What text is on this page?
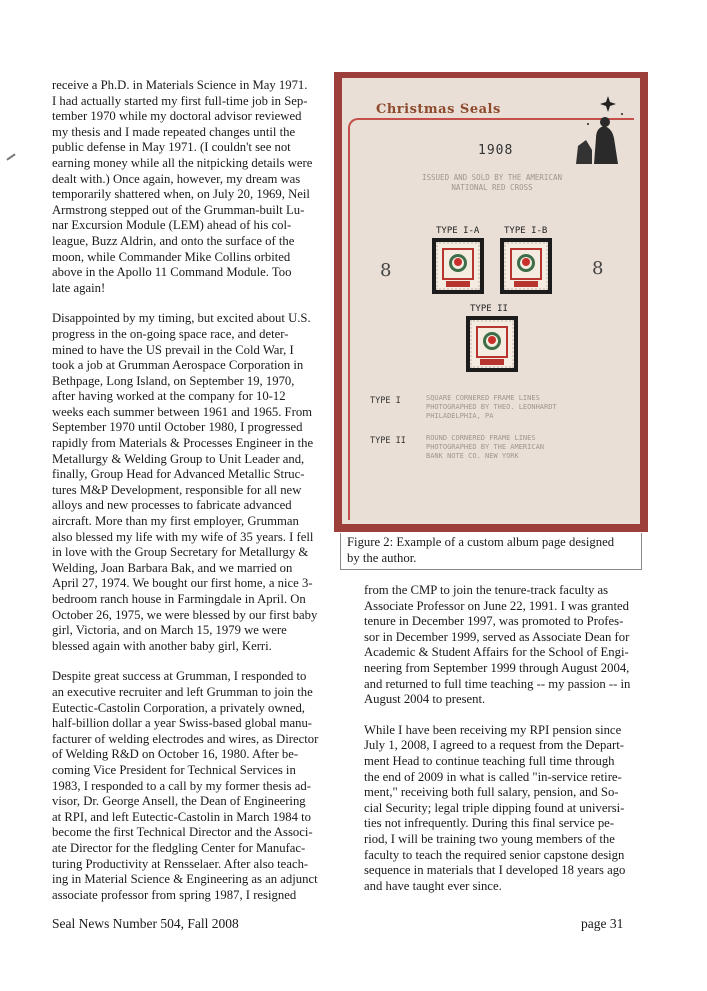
receive a Ph.D. in Materials Science in May 1971.
I had actually started my first full-time job in Sep-
tember 1970 while my doctoral advisor reviewed
my thesis and I made repeated changes until the
public defense in May 1971. (I couldn't see not
earning money while all the nitpicking details were
dealt with.) Once again, however, my dream was
temporarily shattered when, on July 20, 1969, Neil
Armstrong stepped out of the Grumman-built Lu-
nar Excursion Module (LEM) ahead of his col-
league, Buzz Aldrin, and onto the surface of the
moon, while Commander Mike Collins orbited
above in the Apollo 11 Command Module. Too
late again!

Disappointed by my timing, but excited about U.S.
progress in the on-going space race, and deter-
mined to have the US prevail in the Cold War, I
took a job at Grumman Aerospace Corporation in
Bethpage, Long Island, on September 19, 1970,
after having worked at the company for 10-12
weeks each summer between 1961 and 1965. From
September 1970 until October 1980, I progressed
rapidly from Materials & Processes Engineer in the
Metallurgy & Welding Group to Unit Leader and,
finally, Group Head for Advanced Metallic Struc-
tures M&P Development, responsible for all new
alloys and new processes to fabricate advanced
aircraft. More than my first employer, Grumman
also blessed my life with my wife of 35 years. I fell
in love with the Group Secretary for Metallurgy &
Welding, Joan Barbara Bak, and we married on
April 27, 1974. We bought our first home, a nice 3-
bedroom ranch house in Farmingdale in April. On
October 26, 1975, we were blessed by our first baby
girl, Victoria, and on March 15, 1979 we were
blessed again with another baby girl, Kerri.

Despite great success at Grumman, I responded to
an executive recruiter and left Grumman to join the
Eutectic-Castolin Corporation, a privately owned,
half-billion dollar a year Swiss-based global manu-
facturer of welding electrodes and wires, as Director
of Welding R&D on October 16, 1980. After be-
coming Vice President for Technical Services in
1983, I responded to a call by my former thesis ad-
visor, Dr. George Ansell, the Dean of Engineering
at RPI, and left Eutectic-Castolin in March 1984 to
become the first Technical Director and the Associ-
ate Director for the fledgling Center for Manufac-
turing Productivity at Rensselaer. After also teach-
ing in Material Science & Engineering as an adjunct
associate professor from spring 1987, I resigned

Christmas Seals
1908
ISSUED AND SOLD BY THE AMERICAN
NATIONAL RED CROSS
TYPE I-A	TYPE I-B
TYPE II
8	8
TYPE I	SQUARE CORNERED FRAME LINES
PHOTOGRAPHED BY THEO. LEONHARDT
PHILADELPHIA, PA
TYPE II	ROUND CORNERED FRAME LINES
PHOTOGRAPHED BY THE AMERICAN
BANK NOTE CO. NEW YORK
Figure 2: Example of a custom album page designed
by the author.

from the CMP to join the tenure-track faculty as
Associate Professor on June 22, 1991. I was granted
tenure in December 1997, was promoted to Profes-
sor in December 1999, served as Associate Dean for
Academic & Student Affairs for the School of Engi-
neering from September 1999 through August 2004,
and returned to full time teaching -- my passion -- in
August 2004 to present.

While I have been receiving my RPI pension since
July 1, 2008, I agreed to a request from the Depart-
ment Head to continue teaching full time through
the end of 2009 in what is called "in-service retire-
ment," receiving both full salary, pension, and So-
cial Security; legal triple dipping found at universi-
ties not infrequently. During this final service pe-
riod, I will be training two young members of the
faculty to teach the required senior capstone design
sequence in materials that I developed 18 years ago
and have taught ever since.

Seal News Number 504, Fall 2008	page 31
